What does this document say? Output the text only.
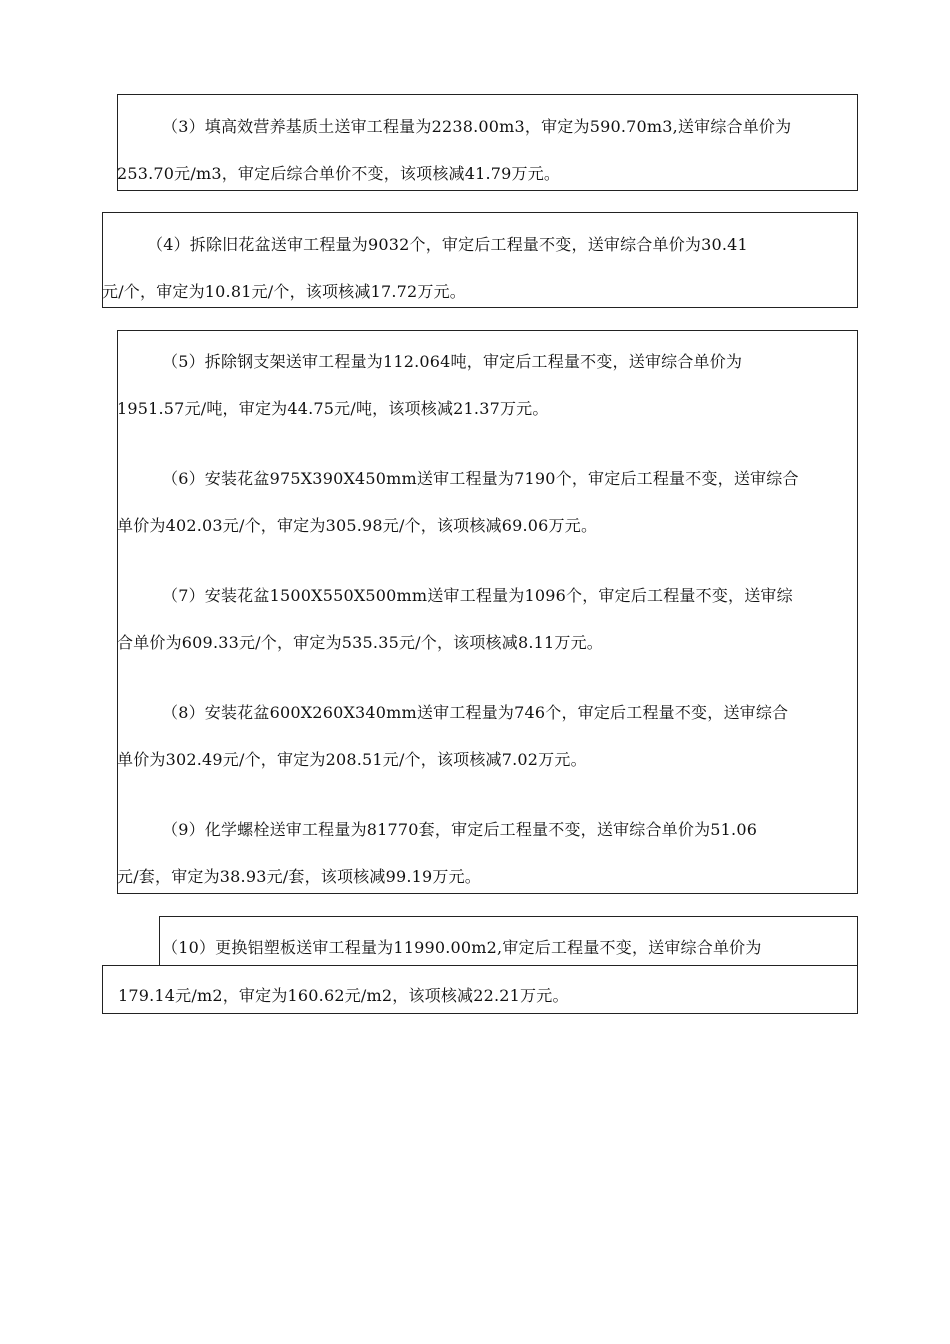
（3）填高效营养基质土送审工程量为2238.00m3，审定为590.70m3,送审综合单价为
253.70元/m3，审定后综合单价不变，该项核减41.79万元。
（4）拆除旧花盆送审工程量为9032个，审定后工程量不变，送审综合单价为30.41
元/个，审定为10.81元/个，该项核减17.72万元。
（5）拆除钢支架送审工程量为112.064吨，审定后工程量不变，送审综合单价为
1951.57元/吨，审定为44.75元/吨，该项核减21.37万元。
（6）安装花盆975X390X450mm送审工程量为7190个，审定后工程量不变，送审综合
单价为402.03元/个，审定为305.98元/个，该项核减69.06万元。
（7）安装花盆1500X550X500mm送审工程量为1096个，审定后工程量不变，送审综
合单价为609.33元/个，审定为535.35元/个，该项核减8.11万元。
（8）安装花盆600X260X340mm送审工程量为746个，审定后工程量不变，送审综合
单价为302.49元/个，审定为208.51元/个，该项核减7.02万元。
（9）化学螺栓送审工程量为81770套，审定后工程量不变，送审综合单价为51.06
元/套，审定为38.93元/套，该项核减99.19万元。
（10）更换铝塑板送审工程量为11990.00m2,审定后工程量不变，送审综合单价为
179.14元/m2，审定为160.62元/m2，该项核减22.21万元。
